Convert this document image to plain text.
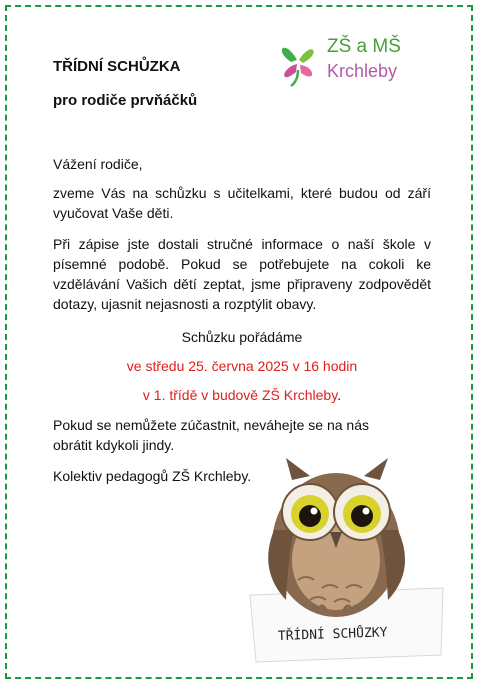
TŘÍDNÍ SCHŮZKA
pro rodiče prvňáčků
ZŠ a MŠ
Krchleby

Vážení rodiče,

zveme Vás na schůzku s učitelkami, které budou od září vyučovat Vaše děti.

Při zápise jste dostali stručné informace o naší škole v písemné podobě. Pokud se potřebujete na cokoli ke vzdělávání Vašich dětí zeptat, jsme připraveny zodpovědět dotazy, ujasnit nejasnosti a rozptýlit obavy.

Schůzku pořádáme

ve středu 25. června 2025 v 16 hodin

v 1. třídě v budově ZŠ Krchleby.

Pokud se nemůžete zúčastnit, neváhejte se na nás obrátit kdykoli jindy.

Kolektiv pedagogů ZŠ Krchleby.

TŘÍDNÍ SCHŮZKY
